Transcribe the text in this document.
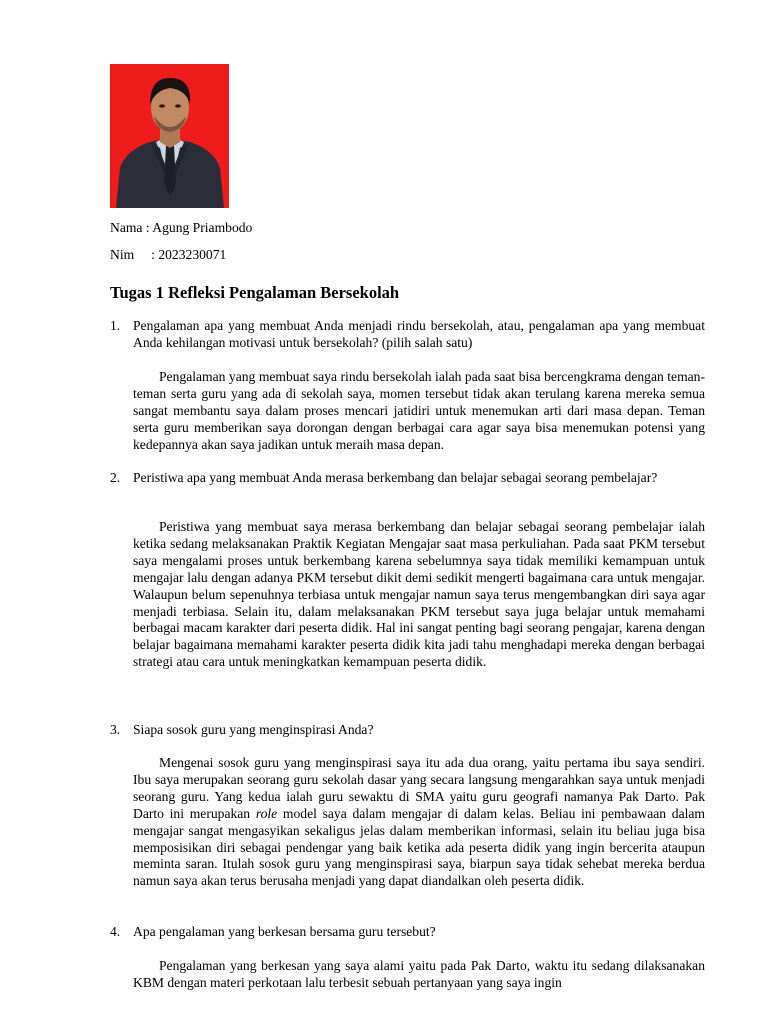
Nama : Agung Priambodo
Nim     : 2023230071
Tugas 1 Refleksi Pengalaman Bersekolah
1. Pengalaman apa yang membuat Anda menjadi rindu bersekolah, atau, pengalaman apa yang membuat Anda kehilangan motivasi untuk bersekolah? (pilih salah satu)
Pengalaman yang membuat saya rindu bersekolah ialah pada saat bisa bercengkrama dengan teman-teman serta guru yang ada di sekolah saya, momen tersebut tidak akan terulang karena mereka semua sangat membantu saya dalam proses mencari jatidiri untuk menemukan arti dari masa depan. Teman serta guru memberikan saya dorongan dengan berbagai cara agar saya bisa menemukan potensi yang kedepannya akan saya jadikan untuk meraih masa depan.
2. Peristiwa apa yang membuat Anda merasa berkembang dan belajar sebagai seorang pembelajar?
Peristiwa yang membuat saya merasa berkembang dan belajar sebagai seorang pembelajar ialah ketika sedang melaksanakan Praktik Kegiatan Mengajar saat masa perkuliahan. Pada saat PKM tersebut saya mengalami proses untuk berkembang karena sebelumnya saya tidak memiliki kemampuan untuk mengajar lalu dengan adanya PKM tersebut dikit demi sedikit mengerti bagaimana cara untuk mengajar. Walaupun belum sepenuhnya terbiasa untuk mengajar namun saya terus mengembangkan diri saya agar menjadi terbiasa. Selain itu, dalam melaksanakan PKM tersebut saya juga belajar untuk memahami berbagai macam karakter dari peserta didik. Hal ini sangat penting bagi seorang pengajar, karena dengan belajar bagaimana memahami karakter peserta didik kita jadi tahu menghadapi mereka dengan berbagai strategi atau cara untuk meningkatkan kemampuan peserta didik.
3. Siapa sosok guru yang menginspirasi Anda?
Mengenai sosok guru yang menginspirasi saya itu ada dua orang, yaitu pertama ibu saya sendiri. Ibu saya merupakan seorang guru sekolah dasar yang secara langsung mengarahkan saya untuk menjadi seorang guru. Yang kedua ialah guru sewaktu di SMA yaitu guru geografi namanya Pak Darto. Pak Darto ini merupakan role model saya dalam mengajar di dalam kelas. Beliau ini pembawaan dalam mengajar sangat mengasyikan sekaligus jelas dalam memberikan informasi, selain itu beliau juga bisa memposisikan diri sebagai pendengar yang baik ketika ada peserta didik yang ingin bercerita ataupun meminta saran. Itulah sosok guru yang menginspirasi saya, biarpun saya tidak sehebat mereka berdua namun saya akan terus berusaha menjadi yang dapat diandalkan oleh peserta didik.
4. Apa pengalaman yang berkesan bersama guru tersebut?
Pengalaman yang berkesan yang saya alami yaitu pada Pak Darto, waktu itu sedang dilaksanakan KBM dengan materi perkotaan lalu terbesit sebuah pertanyaan yang saya ingin
